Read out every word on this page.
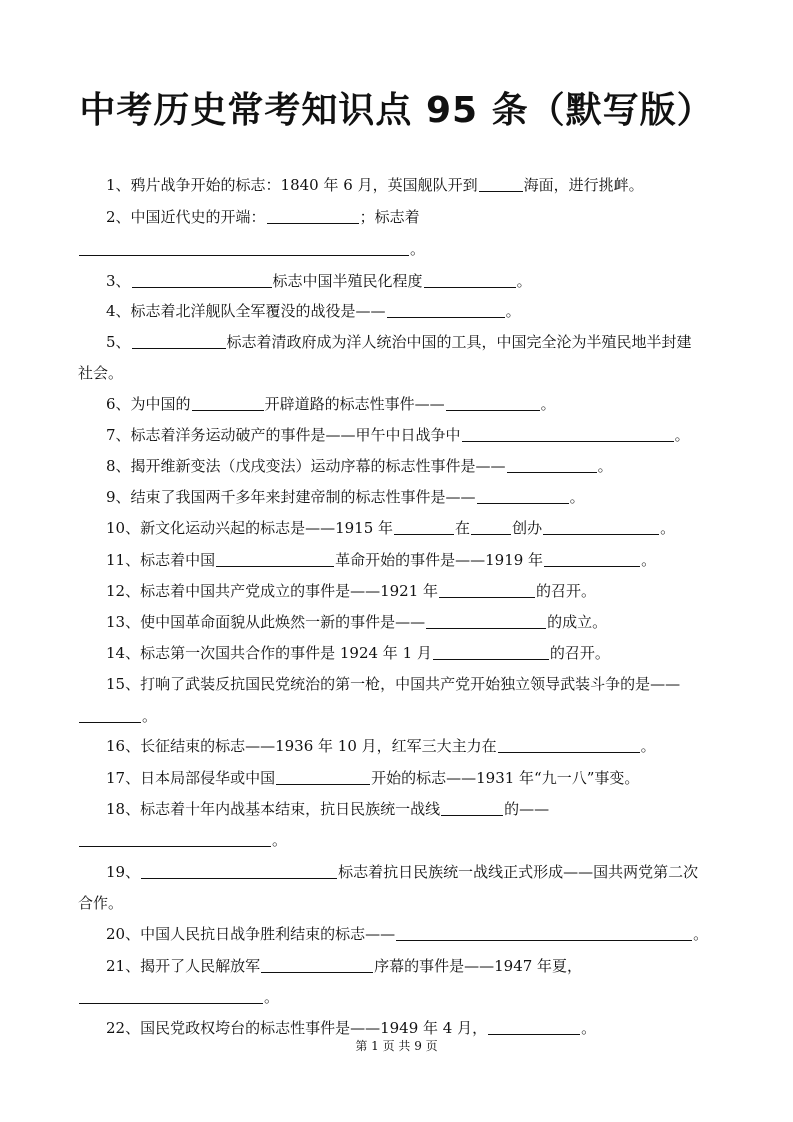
中考历史常考知识点 95 条（默写版）
1、鸦片战争开始的标志：1840 年 6 月，英国舰队开到	海面，进行挑衅。
2、中国近代史的开端：	；标志着
。
3、	标志中国半殖民化程度	。
4、标志着北洋舰队全军覆没的战役是——	。
5、	标志着清政府成为洋人统治中国的工具，中国完全沦为半殖民地半封建
社会。
6、为中国的	开辟道路的标志性事件——	。
7、标志着洋务运动破产的事件是——甲午中日战争中	。
8、揭开维新变法（戊戌变法）运动序幕的标志性事件是——	。
9、结束了我国两千多年来封建帝制的标志性事件是——	。
10、新文化运动兴起的标志是——1915 年	在	创办	。
11、标志着中国	革命开始的事件是——1919 年	。
12、标志着中国共产党成立的事件是——1921 年	的召开。
13、使中国革命面貌从此焕然一新的事件是——	的成立。
14、标志第一次国共合作的事件是 1924 年 1 月	的召开。
15、打响了武装反抗国民党统治的第一枪，中国共产党开始独立领导武装斗争的是——
。
16、长征结束的标志——1936 年 10 月，红军三大主力在	。
17、日本局部侵华或中国	开始的标志——1931 年“九一八”事变。
18、标志着十年内战基本结束，抗日民族统一战线	的——
。
19、	标志着抗日民族统一战线正式形成——国共两党第二次
合作。
20、中国人民抗日战争胜利结束的标志——	。
21、揭开了人民解放军	序幕的事件是——1947 年夏，
。
22、国民党政权垮台的标志性事件是——1949 年 4 月，	。
第 1 页 共 9 页
